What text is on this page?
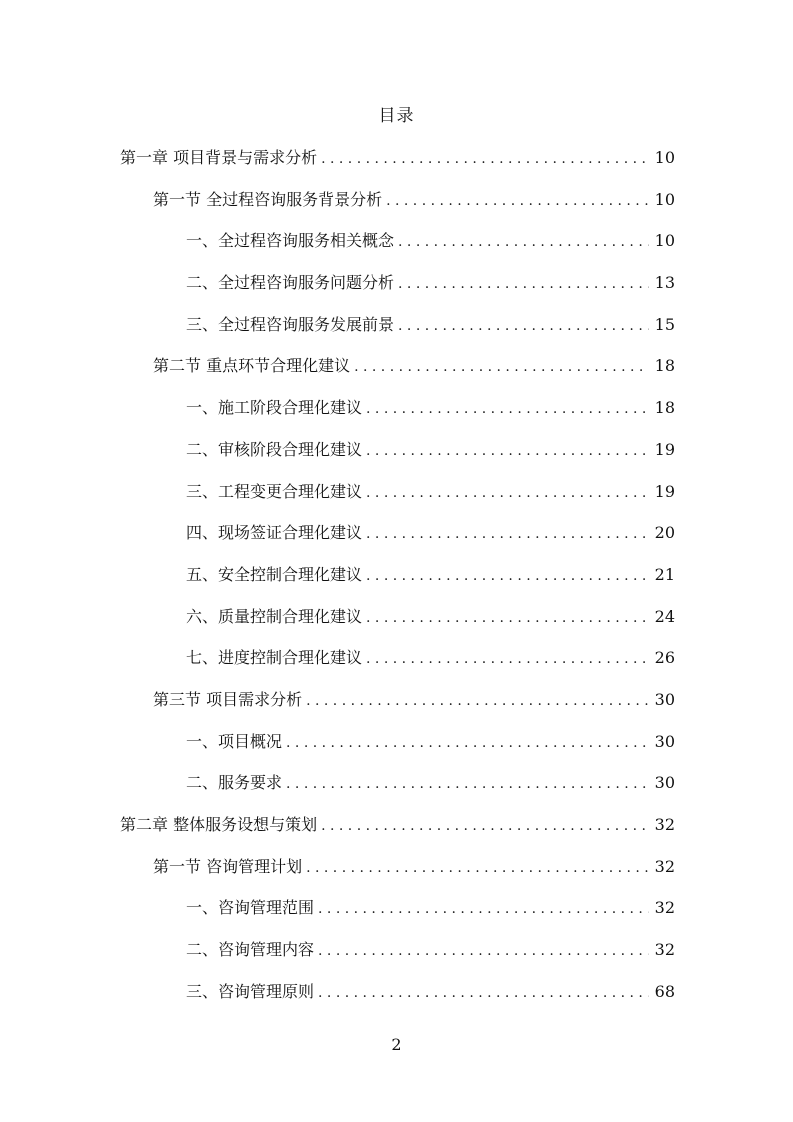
目录
第一章 项目背景与需求分析 . . .	10
第一节 全过程咨询服务背景分析 . . .	10
一、全过程咨询服务相关概念 . . .	10
二、全过程咨询服务问题分析 . . .	13
三、全过程咨询服务发展前景 . . .	15
第二节 重点环节合理化建议 . . .	18
一、施工阶段合理化建议 . . .	18
二、审核阶段合理化建议 . . .	19
三、工程变更合理化建议 . . .	19
四、现场签证合理化建议 . . .	20
五、安全控制合理化建议 . . .	21
六、质量控制合理化建议 . . .	24
七、进度控制合理化建议 . . .	26
第三节 项目需求分析 . . .	30
一、项目概况 . . .	30
二、服务要求 . . .	30
第二章 整体服务设想与策划 . . .	32
第一节 咨询管理计划 . . .	32
一、咨询管理范围 . . .	32
二、咨询管理内容 . . .	32
三、咨询管理原则 . . .	68
2
